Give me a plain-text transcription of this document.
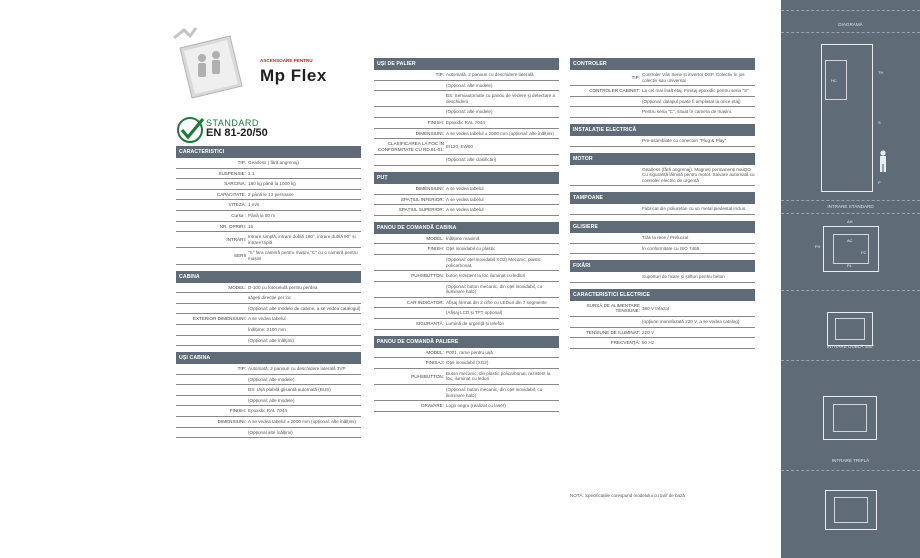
ASCENSOARE PENTRU
Mp Flex
STANDARD
EN 81-20/50
CARACTERISTICI
TIP: Gearless ( fără angrenaj)
SUSPENSIE: 1:1
SARCINA: 180 kg până la 1000 kg
CAPACITATE: 2 până le 13 persoane
VITEZĂ: 1 m/s
Cursa : Până la 50 m
NR. OPRIRI: 16
INTRĂRI:
Intrare simplă, intrare dublă 180°, intrare dublă 90° și intrare triplă
SERII
"S" fara cameră pentru mașini,"C" cu o cameră pentru mașini
CABINA
MODEL: D-100 cu fotocelulă pentru perdea
săgeți direcție per loc
(Opțional: alte modele de cabine, a se vedea catalogul)
EXTERIOR DIMENSIUNI: A se vedea tabelul
Înălțime: 2100 mm
(Opțional: alte înălțimi)
UȘI CABINA
TIP: Automată, 2 panouri cu deschidere laterală 3VP
(Opțional: alte modele)
BS: Ușă plabilă glisantă automată (BUS)
(Opțional: alte modele)
FINISH: Epoxidic RAL 7044
DIMENSIUNI: A se vedea tabelul ± 2000 mm (opțional: alte înălțimi)
(Opțional alte înălțimi)
UȘI DE PALIER
TIP: Automată, 2 panouri cu deschidere laterală
(Opțional: alte modele)
BS: Semiautomate cu panou de vedere și detectare a deschiderii
(Opțional: alte modele)
FINISH: Epoxidic RAL 7044
DIMENSIUNI: A se vedea tabelul ± 2000 mm (opțional: alte înălțimi)
CLASIFICAREA LA FOC ÎN CONFORMITATE CU RD.81-01:
EI120, EW60
(Opțional: alte clasificări)
PUȚ
DIMENSIUNI: A se vedea tabelul
SPAȚIUL INFERIOR: A se vedea tabelul
SPAȚIUL SUPERIOR: A se vedea tabelul
PANOU DE COMANDĂ CABINA
MODEL: Înălțime maximă
FINISH: Oțel inoxidabil cu plastic
(Opțional: oțel inoxidabil XO2) Mecanic, plastic policarbonat,
PUHSBUTTON: buton rezistent la foc iluminat cu ledluri
(Opțional: buton mecanic, din oțel inoxidabil, cu iluminare halo)
CAR INDICATOR: Afișaj format din 2 cifre cu LEDuri din 7 segmente
(Afișaj LCD și TFT opțional)
SIGURANȚĂ: Lumină de urgență și telefon
PANOU DE COMANDĂ PALIERE
MODEL: P001, rame pentru ușă
FINISAJ: Oțel inoxidabil (XO2)
PUHSBUTTON:
Buton mecanic, din plastic policarbonat, rezistent la foc, iluminat cu leduri
(Opțional: buton mecanic, din oțel inoxidabil, cu iluminare halo)
GRAVARE: Logo negru (realizat cu laser)
CONTROLER
TIP:
Controler Vâs Serie și invertor DSP. Colectiv în jos colectiv sau universal
CONTROLER CABINET: La cel mai înalt etaj. Finisaj epoxidic pentru seria "S"
(Opțional: dulapul poate fi amplasat la orice etaj)
Pentru seria "C", situat în camera de mașini.
INSTALAȚIE ELECTRICĂ
Pre-asamblate cu conectori "Plug & Play"
MOTOR
Gearless (fără angrenaj). Magneți permanenți maiQO Cu siguranță lămină pentru motor. Salvare automată cu controler electric de urgență
TAMPOANE
Fabricat din poliuretan cu un metal piedestal inclus
GLISIERE
Trăs la rece / Prelucrat
În conformitate cu ISO 7465
FIXĂRI
Suporturi de fixare și știfturi pentru beton
CARACTERISTICI ELECTRICE
SURSĂ DE ALIMENTARE TENSIUNE:
380 V trifazat
(opțiune monofazată 220 V, a se vedea catalog)
TENSIUNE DE ILUMINAT: 220 V
FRECVENȚĂ: 50 Hz
NOTĂ: Specificațiile corespund modelului cu tarif de bază.
DIAGRAMĂ
HC
TH
S
P
INTRARE STANDARD
AH
FH
AC
FC
PL
INTRARE DUBLĂ 180°
INTRARE TRIPLĂ
